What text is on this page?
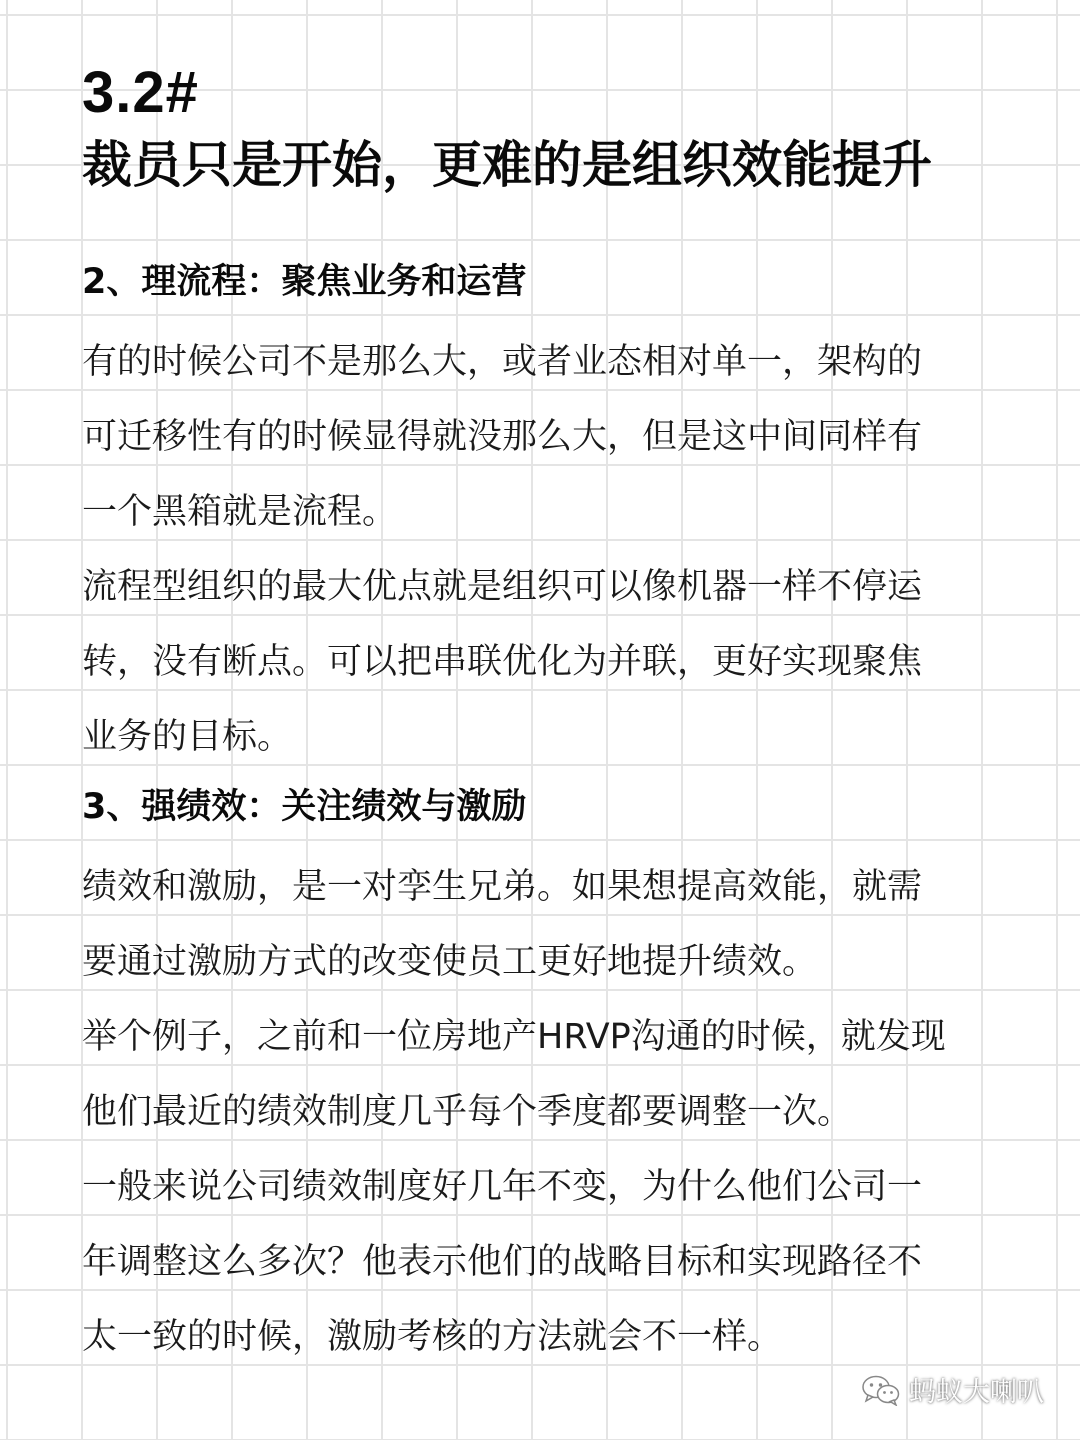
3.2#
裁员只是开始，更难的是组织效能提升
2、理流程：聚焦业务和运营

有的时候公司不是那么大，或者业态相对单一，架构的

可迁移性有的时候显得就没那么大，但是这中间同样有

一个黑箱就是流程。

流程型组织的最大优点就是组织可以像机器一样不停运

转，没有断点。可以把串联优化为并联，更好实现聚焦

业务的目标。

3、强绩效：关注绩效与激励

绩效和激励，是一对孪生兄弟。如果想提高效能，就需

要通过激励方式的改变使员工更好地提升绩效。

举个例子，之前和一位房地产HRVP沟通的时候，就发现

他们最近的绩效制度几乎每个季度都要调整一次。

一般来说公司绩效制度好几年不变，为什么他们公司一

年调整这么多次？他表示他们的战略目标和实现路径不

太一致的时候，激励考核的方法就会不一样。

蚂蚁大喇叭
